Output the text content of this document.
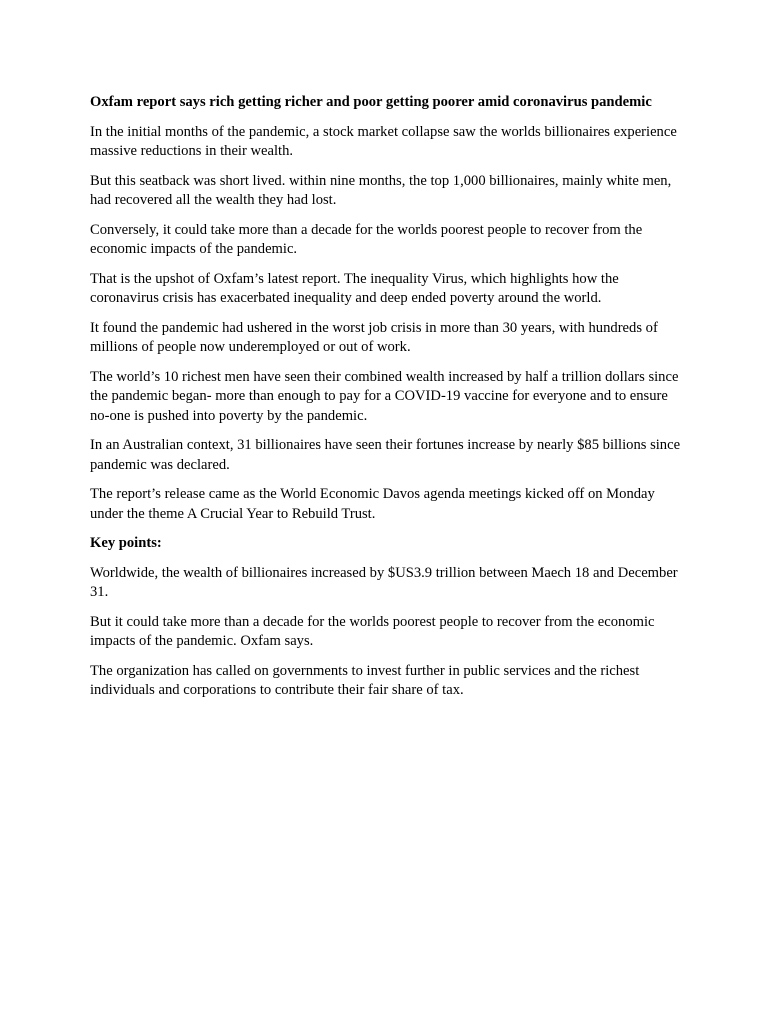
Oxfam report says rich getting richer and poor getting poorer amid coronavirus pandemic

In the initial months of the pandemic, a stock market collapse saw the worlds billionaires experience massive reductions in their wealth.

But this seatback was short lived. within nine months, the top 1,000 billionaires, mainly white men, had recovered all the wealth they had lost.

Conversely, it could take more than a decade for the worlds poorest people to recover from the economic impacts of the pandemic.

That is the upshot of Oxfam’s latest report. The inequality Virus, which highlights how the coronavirus crisis has exacerbated inequality and deep ended poverty around the world.

It found the pandemic had ushered in the worst job crisis in more than 30 years, with hundreds of millions of people now underemployed or out of work.

The world’s 10 richest men have seen their combined wealth increased by half a trillion dollars since the pandemic began- more than enough to pay for a COVID-19 vaccine for everyone and to ensure no-one is pushed into poverty by the pandemic.

In an Australian context, 31 billionaires have seen their fortunes increase by nearly $85 billions since pandemic was declared.

The report’s release came as the World Economic Davos agenda meetings kicked off on Monday under the theme A Crucial Year to Rebuild Trust.

Key points:

Worldwide, the wealth of billionaires increased by $US3.9 trillion between Maech 18 and December 31.

But it could take more than a decade for the worlds poorest people to recover from the economic impacts of the pandemic. Oxfam says.

The organization has called on governments to invest further in public services and the richest individuals and corporations to contribute their fair share of tax.
